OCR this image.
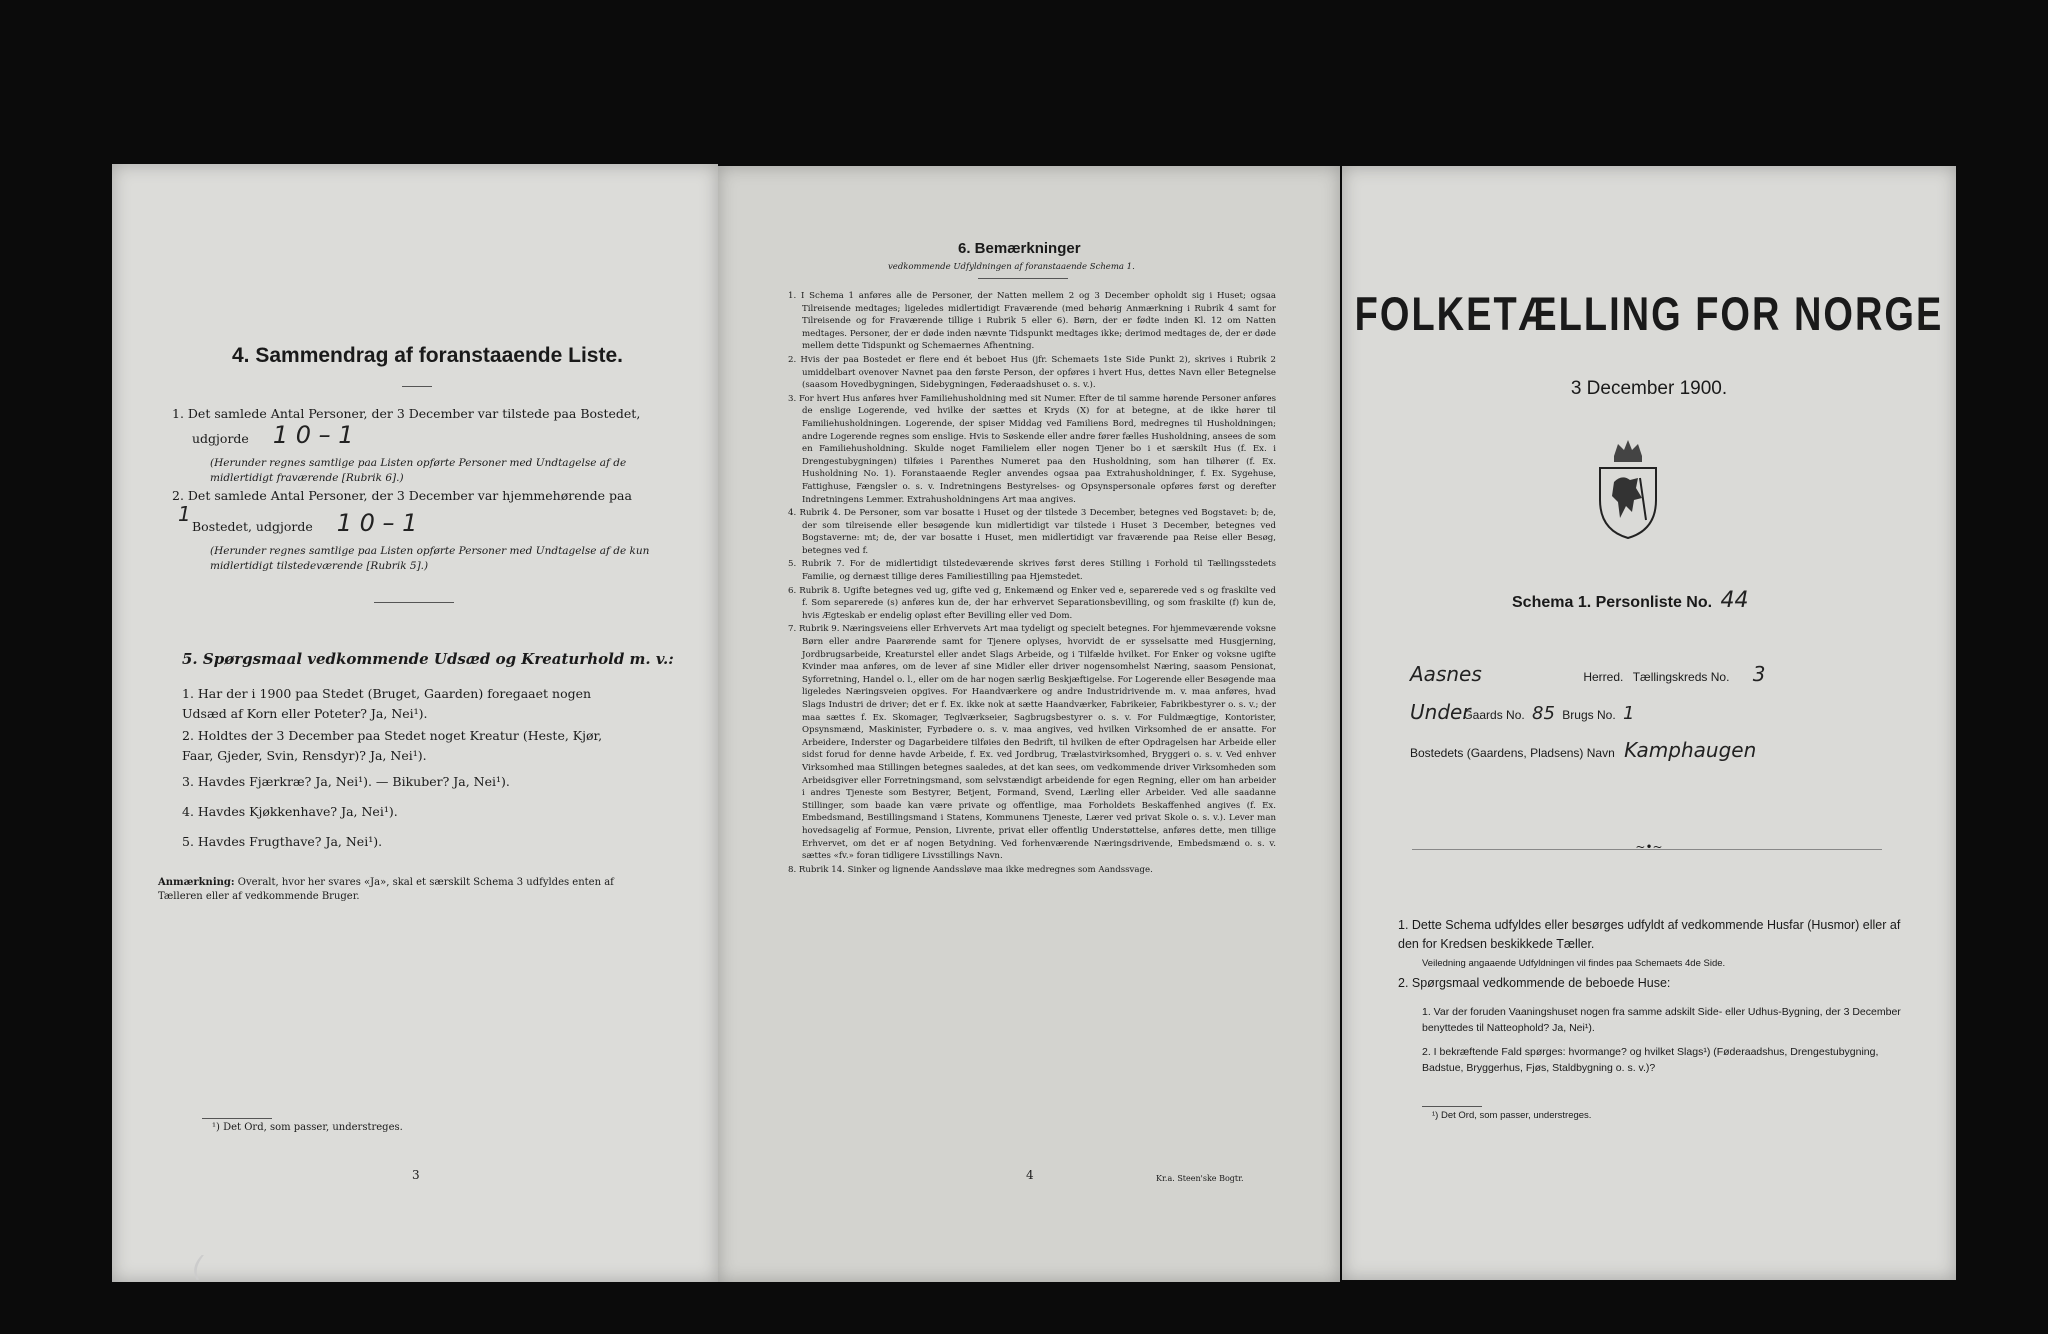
4. Sammendrag af foranstaaende Liste.
1. Det samlede Antal Personer, der 3 December var tilstede paa Bostedet,
udgjorde 1 0 – 1
(Herunder regnes samtlige paa Listen opførte Personer med Undtagelse af de midlertidigt fraværende [Rubrik 6].)
2. Det samlede Antal Personer, der 3 December var hjemmehørende paa 1
Bostedet, udgjorde 1 0 – 1
(Herunder regnes samtlige paa Listen opførte Personer med Undtagelse af de kun midlertidigt tilstedeværende [Rubrik 5].)
5. Spørgsmaal vedkommende Udsæd og Kreaturhold m. v.:
1. Har der i 1900 paa Stedet (Bruget, Gaarden) foregaaet nogen Udsæd af Korn eller Poteter? Ja, Nei¹).
2. Holdtes der 3 December paa Stedet noget Kreatur (Heste, Kjør, Faar, Gjeder, Svin, Rensdyr)? Ja, Nei¹).
3. Havdes Fjærkræ? Ja, Nei¹). — Bikuber? Ja, Nei¹).
4. Havdes Kjøkkenhave? Ja, Nei¹).
5. Havdes Frugthave? Ja, Nei¹).
Anmærkning: Overalt, hvor her svares «Ja», skal et særskilt Schema 3 udfyldes enten af Tælleren eller af vedkommende Bruger.
¹) Det Ord, som passer, understreges.
3
6. Bemærkninger
vedkommende Udfyldningen af foranstaaende Schema 1.
1. I Schema 1 anføres alle de Personer, der Natten mellem 2 og 3 December opholdt sig i Huset; ogsaa Tilreisende medtages; ligeledes midlertidigt Fraværende (med behørig Anmærkning i Rubrik 4 samt for Tilreisende og for Fraværende tillige i Rubrik 5 eller 6). Børn, der er fødte inden Kl. 12 om Natten medtages. Personer, der er døde inden nævnte Tidspunkt medtages ikke; derimod medtages de, der er døde mellem dette Tidspunkt og Schemaernes Afhentning.
2. Hvis der paa Bostedet er flere end ét beboet Hus (jfr. Schemaets 1ste Side Punkt 2), skrives i Rubrik 2 umiddelbart ovenover Navnet paa den første Person, der opføres i hvert Hus, dettes Navn eller Betegnelse (saasom Hovedbygningen, Sidebygningen, Føderaadshuset o. s. v.).
3. For hvert Hus anføres hver Familiehusholdning med sit Numer. Efter de til samme hørende Personer anføres de enslige Logerende, ved hvilke der sættes et Kryds (X) for at betegne, at de ikke hører til Familiehusholdningen. Logerende, der spiser Middag ved Familiens Bord, medregnes til Husholdningen; andre Logerende regnes som enslige. Hvis to Søskende eller andre fører fælles Husholdning, ansees de som en Familiehusholdning. Skulde noget Familielem eller nogen Tjener bo i et særskilt Hus (f. Ex. i Drengestubygningen) tilføies i Parenthes Numeret paa den Husholdning, som han tilhører (f. Ex. Husholdning No. 1). Foranstaaende Regler anvendes ogsaa paa Extrahusholdninger, f. Ex. Sygehuse, Fattighuse, Fængsler o. s. v. Indretningens Bestyrelses- og Opsynspersonale opføres først og derefter Indretningens Lemmer. Extrahusholdningens Art maa angives.
4. Rubrik 4. De Personer, som var bosatte i Huset og der tilstede 3 December, betegnes ved Bogstavet: b; de, der som tilreisende eller besøgende kun midlertidigt var tilstede i Huset 3 December, betegnes ved Bogstaverne: mt; de, der var bosatte i Huset, men midlertidigt var fraværende paa Reise eller Besøg, betegnes ved f.
5. Rubrik 7. For de midlertidigt tilstedeværende skrives først deres Stilling i Forhold til Tællingsstedets Familie, og dernæst tillige deres Familiestilling paa Hjemstedet.
6. Rubrik 8. Ugifte betegnes ved ug, gifte ved g, Enkemænd og Enker ved e, separerede ved s og fraskilte ved f. Som separerede (s) anføres kun de, der har erhvervet Separationsbevilling, og som fraskilte (f) kun de, hvis Ægteskab er endelig opløst efter Bevilling eller ved Dom.
7. Rubrik 9. Næringsveiens eller Erhvervets Art maa tydeligt og specielt betegnes. For hjemmeværende voksne Børn eller andre Paarørende samt for Tjenere oplyses, hvorvidt de er sysselsatte med Husgjerning, Jordbrugsarbeide, Kreaturstel eller andet Slags Arbeide, og i Tilfælde hvilket. For Enker og voksne ugifte Kvinder maa anføres, om de lever af sine Midler eller driver nogensomhelst Næring, saasom Pensionat, Syforretning, Handel o. l., eller om de har nogen særlig Beskjæftigelse. For Logerende eller Besøgende maa ligeledes Næringsveien opgives. For Haandværkere og andre Industridrivende m. v. maa anføres, hvad Slags Industri de driver; det er f. Ex. ikke nok at sætte Haandværker, Fabrikeier, Fabrikbestyrer o. s. v.; der maa sættes f. Ex. Skomager, Teglværkseier, Sagbrugsbestyrer o. s. v. For Fuldmægtige, Kontorister, Opsynsmænd, Maskinister, Fyrbødere o. s. v. maa angives, ved hvilken Virksomhed de er ansatte. For Arbeidere, Inderster og Dagarbeidere tilføies den Bedrift, til hvilken de efter Opdragelsen har Arbeide eller sidst forud for denne havde Arbeide, f. Ex. ved Jordbrug, Trælastvirksomhed, Bryggeri o. s. v. Ved enhver Virksomhed maa Stillingen betegnes saaledes, at det kan sees, om vedkommende driver Virksomheden som Arbeidsgiver eller Forretningsmand, som selvstændigt arbeidende for egen Regning, eller om han arbeider i andres Tjeneste som Bestyrer, Betjent, Formand, Svend, Lærling eller Arbeider. Ved alle saadanne Stillinger, som baade kan være private og offentlige, maa Forholdets Beskaffenhed angives (f. Ex. Embedsmand, Bestillingsmand i Statens, Kommunens Tjeneste, Lærer ved privat Skole o. s. v.). Lever man hovedsagelig af Formue, Pension, Livrente, privat eller offentlig Understøttelse, anføres dette, men tillige Erhvervet, om det er af nogen Betydning. Ved forhenværende Næringsdrivende, Embedsmænd o. s. v. sættes «fv.» foran tidligere Livsstillings Navn.
8. Rubrik 14. Sinker og lignende Aandssløve maa ikke medregnes som Aandssvage.
4	Kr.a. Steen'ske Bogtr.
FOLKETÆLLING FOR NORGE
3 December 1900.
Schema 1. Personliste No. 44
Aasnes	Herred. Tællingskreds No. 3
Under Gaards No. 85 Brugs No. 1
Bostedets (Gaardens, Pladsens) Navn Kamphaugen
~•~
1. Dette Schema udfyldes eller besørges udfyldt af vedkommende Husfar (Husmor) eller af den for Kredsen beskikkede Tæller.
Veiledning angaaende Udfyldningen vil findes paa Schemaets 4de Side.
2. Spørgsmaal vedkommende de beboede Huse:
1. Var der foruden Vaaningshuset nogen fra samme adskilt Side- eller Udhus-Bygning, der 3 December benyttedes til Natteophold? Ja, Nei¹).
2. I bekræftende Fald spørges: hvormange? og hvilket Slags¹) (Føderaadshus, Drengestubygning, Badstue, Bryggerhus, Fjøs, Staldbygning o. s. v.)?
¹) Det Ord, som passer, understreges.
(
